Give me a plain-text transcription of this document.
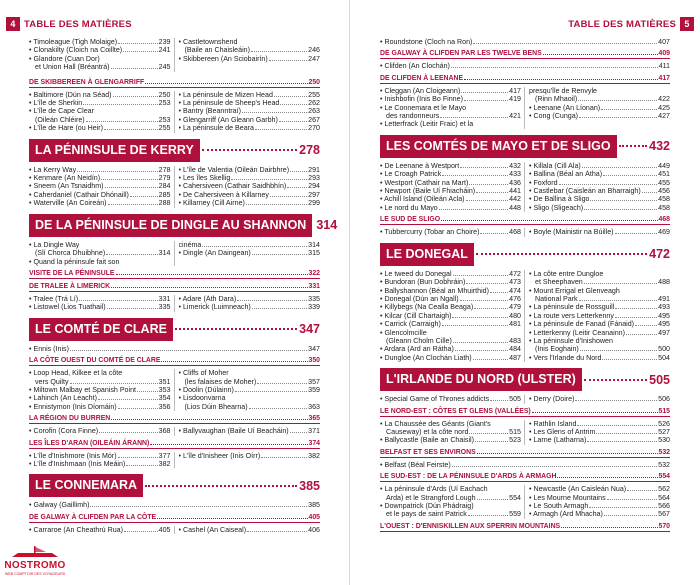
4 TABLE DES MATIÈRES
• Timoleague (Tigh Molaige)	239
• Clonakilty (Cloich na Coillte)	241
• Glandore (Cuan Dor)
et Union Hall (Bréantrá)	245
• Castletownshend
(Baile an Chaisleáin)	246
• Skibbereen (An Sciobairín)	247
DE SKIBBEREEN À GLENGARRIFF	250
• Baltimore (Dún na Séad)	250
• L'île de Sherkin	253
• L'île de Cape Clear
(Oileán Chléire)	253
• L'île de Hare (ou Heir)	255
• La péninsule de Mizen Head	255
• La péninsule de Sheep's Head	262
• Bantry (Beanntraí)	263
• Glengarriff (An Gleann Garbh)	267
• La péninsule de Beara	270
LA PÉNINSULE DE KERRY	278
• La Kerry Way	278
• Kenmare (An Neidín)	279
• Sneem (An Tsnaidhm)	284
• Caherdaniel (Cathair Dhónaill)	285
• Waterville (An Coireán)	288
• L'île de Valentia (Oileán Dairbhre)	291
• Les îles Skellig	293
• Cahersiveen (Cathair Saidhbhín)	294
• De Cahersiveen à Killarney	297
• Killarney (Cill Airne)	299
DE LA PÉNINSULE DE DINGLE AU SHANNON 314
• La Dingle Way
(Slí Chorca Dhuibhne)	314
• Quand la péninsule fait son
cinéma	314
• Dingle (An Daingean)	315
VISITE DE LA PÉNINSULE	322
DE TRALEE À LIMERICK	331
• Tralee (Trá Lí)	331
• Listowel (Lios Tuathail)	335
• Adare (Áth Dara)	335
• Limerick (Luimneach)	339
LE COMTÉ DE CLARE	347
• Ennis (Inis)	347
LA CÔTE OUEST DU COMTÉ DE CLARE	350
• Loop Head, Kilkee et la côte
vers Quilty	351
• Miltown Malbay et Spanish Point	353
• Lahinch (An Leacht)	354
• Ennistymon (Inis Díomáin)	356
• Cliffs of Moher
(les falaises de Moher)	357
• Doolin (Dúlainn)	359
• Lisdoonvarna
(Lios Dúin Bhearna)	363
LA RÉGION DU BURREN	365
• Corofin (Cora Finne)	368	• Ballyvaughan (Baile Uí Beacháin)	371
LES ÎLES D'ARAN (OILEÁIN ÁRANN)	374
• L'île d'Inishmore (Inis Mór)	377
• L'île d'Inishmaan (Inis Meáin)	382
• L'île d'Inisheer (Inis Oírr)	382
LE CONNEMARA	385
• Galway (Gaillimh)	385
DE GALWAY À CLIFDEN PAR LA CÔTE	405
• Carraroe (An Cheathrú Rua)	405	• Cashel (An Caiseal)	406
TABLE DES MATIÈRES 5
• Roundstone (Cloch na Ron)	407
DE GALWAY À CLIFDEN PAR LES TWELVE BENS	409
• Clifden (An Clochán)	411
DE CLIFDEN À LEENANE	417
• Cleggan (An Cloigeann)	417
• Inishbofin (Inis Bo Finne)	419
• Le Connemara et le Mayo
des randonneurs	421
• Letterfrack (Leitir Fraic) et la
presqu'île de Renvyle
(Rinn Mhaoil)	422
• Leenane (An Líonan)	425
• Cong (Cunga)	427
LES COMTÉS DE MAYO ET DE SLIGO	432
• De Leenane à Westport	432
• Le Croagh Patrick	433
• Westport (Cathair na Mart)	436
• Newport (Baile Uí Fhiacháin)	441
• Achill Island (Oileán Acla)	442
• Le nord du Mayo	448
• Killala (Cill Ala)	449
• Ballina (Béal an Átha)	451
• Foxford	455
• Castlebar (Caisleán an Bharraigh) 456
• De Ballina à Sligo	458
• Sligo (Sligeach)	458
LE SUD DE SLIGO	468
• Tubbercurry (Tobar an Choire)	468	• Boyle (Mainistir na Búille)	469
LE DONEGAL	472
• Le tweed du Donegal	472
• Bundoran (Bun Dobhráin)	473
• Ballyshannon (Béal an Mhuirthid)	474
• Donegal (Dún an Ngall)	476
• Killybegs (Na Cealla Beaga)	479
• Kilcar (Cill Chartaigh)	480
• Carrick (Carraigh)	481
• Glencolmcille
(Gleann Cholm Cille)	483
• Ardara (Ard an Rátha)	484
• Dungloe (An Clochán Liath)	487
• La côte entre Dungloe
et Sheephaven	488
• Mount Errigal et Glenveagh
National Park	491
• La péninsule de Rossguill	493
• La route vers Letterkenny	495
• La péninsule de Fanad (Fánaid)	495
• Letterkenny (Leitir Ceanainn)	497
• La péninsule d'Inishowen
(Inis Eoghain)	500
• Vers l'Irlande du Nord	504
L'IRLANDE DU NORD (ULSTER)	505
• Special Game of Thrones addicts	505	• Derry (Doire)	506
LE NORD-EST : CÔTES ET GLENS (VALLÉES)	515
• La Chaussée des Géants (Giant's
Causeway) et la côte nord	515
• Ballycastle (Baile an Chaisil)	523
• Rathlin Island	526
• Les Glens of Antrim	527
• Larne (Latharna)	530
BELFAST ET SES ENVIRONS	532
• Belfast (Béal Feirste)	532
LE SUD-EST : DE LA PÉNINSULE D'ARDS À ARMAGH	554
• La péninsule d'Ards (Uí Eachach
Arda) et le Strangford Lough	554
• Downpatrick (Dún Phádraig)
et le pays de saint Patrick	559
• Newcastle (An Caisleán Nua)	562
• Les Mourne Mountains	564
• Le South Armagh	566
• Armagh (Ard Mhacha)	567
L'OUEST : D'ENNISKILLEN AUX SPERRIN MOUNTAINS	570
NOSTROMO
WEB COMPTOIR DES VOYAGEURS
